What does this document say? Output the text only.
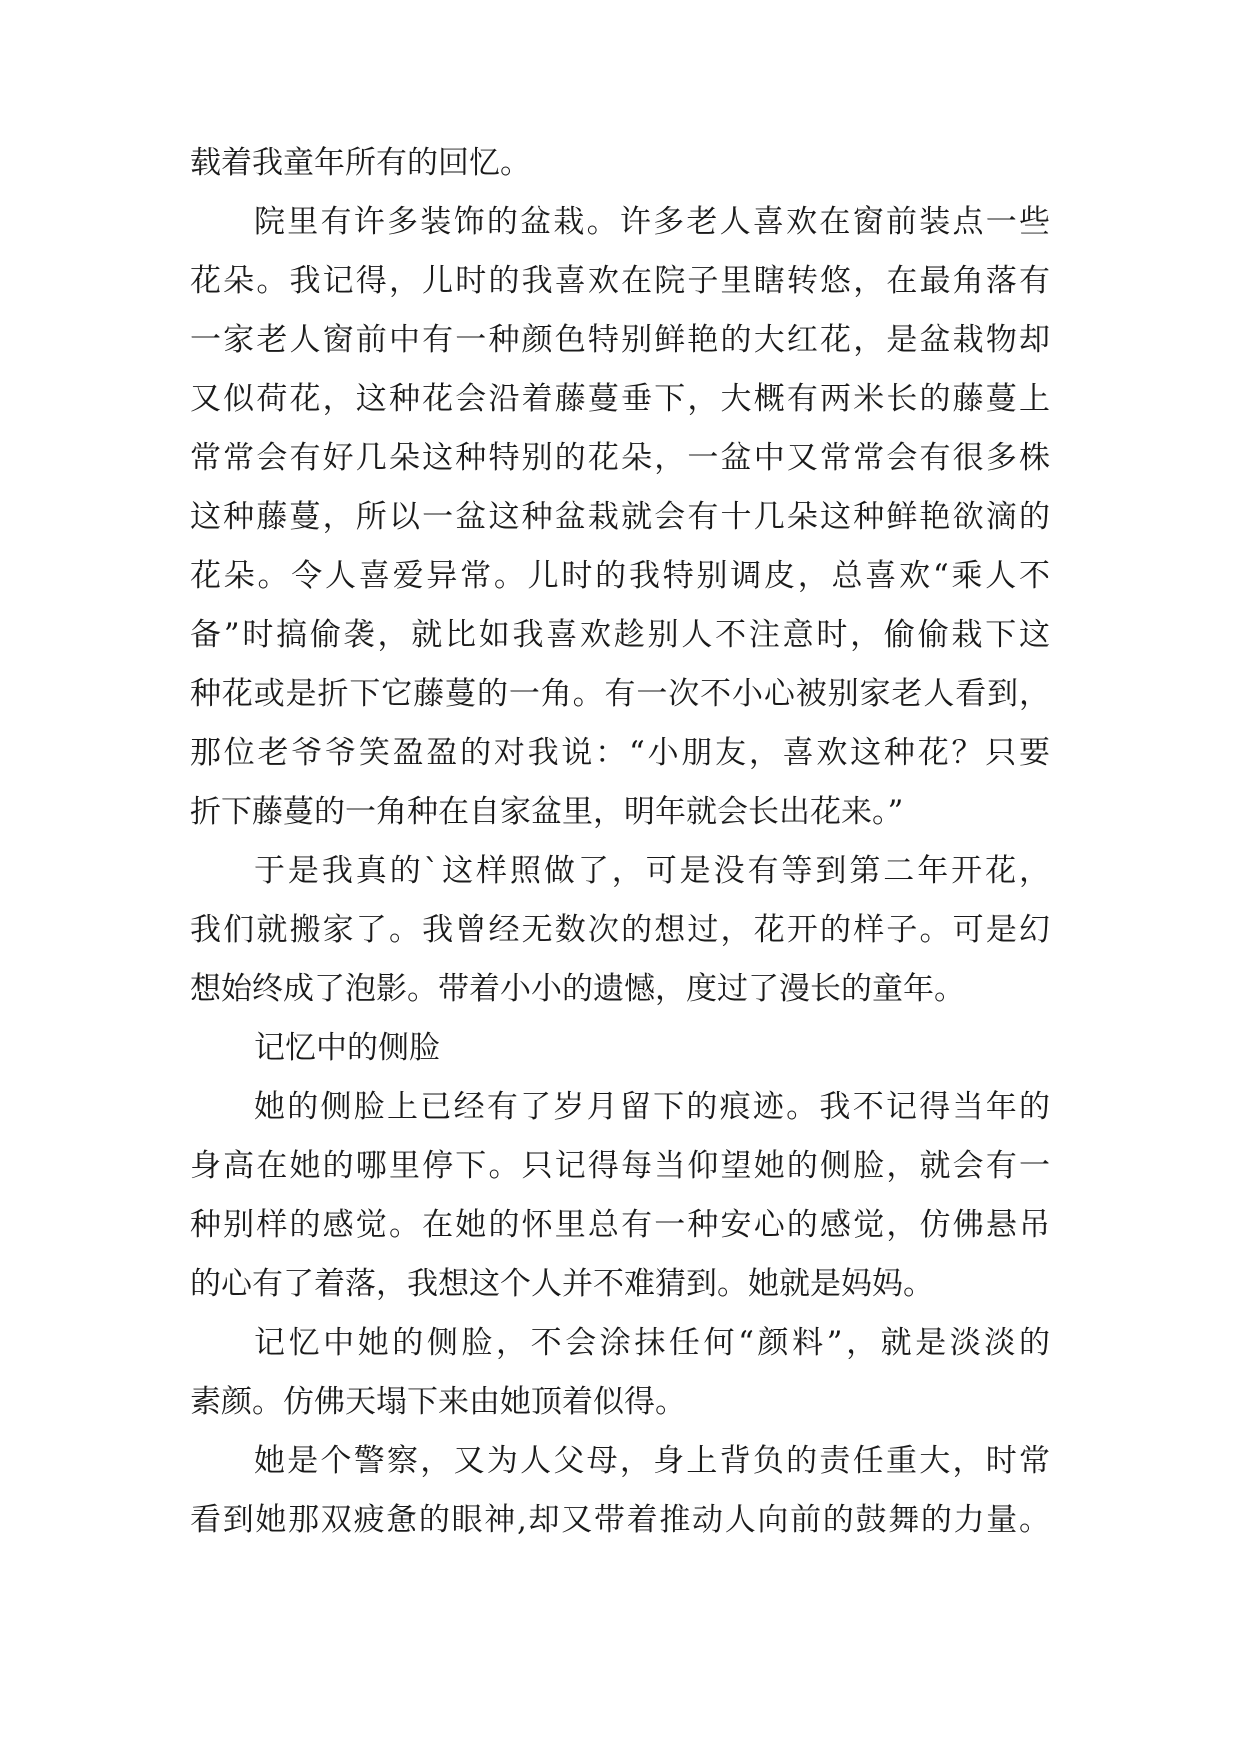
载着我童年所有的回忆。
院里有许多装饰的盆栽。许多老人喜欢在窗前装点一些
花朵。我记得，儿时的我喜欢在院子里瞎转悠，在最角落有
一家老人窗前中有一种颜色特别鲜艳的大红花，是盆栽物却
又似荷花，这种花会沿着藤蔓垂下，大概有两米长的藤蔓上
常常会有好几朵这种特别的花朵，一盆中又常常会有很多株
这种藤蔓，所以一盆这种盆栽就会有十几朵这种鲜艳欲滴的
花朵。令人喜爱异常。儿时的我特别调皮，总喜欢“乘人不
备”时搞偷袭，就比如我喜欢趁别人不注意时，偷偷栽下这
种花或是折下它藤蔓的一角。有一次不小心被别家老人看到，
那位老爷爷笑盈盈的对我说：“小朋友，喜欢这种花？只要
折下藤蔓的一角种在自家盆里，明年就会长出花来。”
于是我真的`这样照做了，可是没有等到第二年开花，
我们就搬家了。我曾经无数次的想过，花开的样子。可是幻
想始终成了泡影。带着小小的遗憾，度过了漫长的童年。
记忆中的侧脸
她的侧脸上已经有了岁月留下的痕迹。我不记得当年的
身高在她的哪里停下。只记得每当仰望她的侧脸，就会有一
种别样的感觉。在她的怀里总有一种安心的感觉，仿佛悬吊
的心有了着落，我想这个人并不难猜到。她就是妈妈。
记忆中她的侧脸，不会涂抹任何“颜料”，就是淡淡的
素颜。仿佛天塌下来由她顶着似得。
她是个警察，又为人父母，身上背负的责任重大，时常
看到她那双疲惫的眼神,却又带着推动人向前的鼓舞的力量。
